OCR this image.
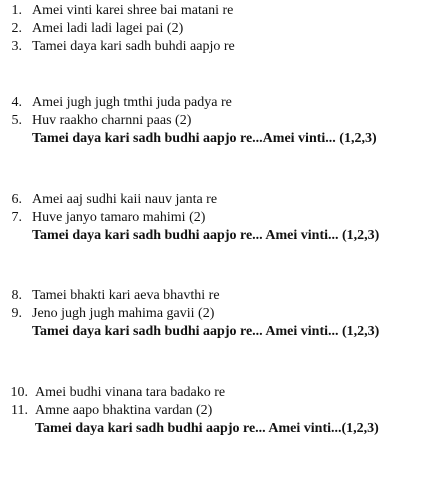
1. Amei vinti karei shree bai matani re
2. Amei ladi ladi lagei pai (2)
3. Tamei daya kari sadh buhdi aapjo re
4. Amei jugh jugh tmthi juda padya re
5. Huv raakho charnni paas (2)
Tamei daya kari sadh budhi aapjo re...Amei vinti... (1,2,3)
6. Amei aaj sudhi kaii nauv janta re
7. Huve janyo tamaro mahimi (2)
Tamei daya kari sadh budhi aapjo re... Amei vinti... (1,2,3)
8. Tamei bhakti kari aeva bhavthi re
9. Jeno jugh jugh mahima gavii (2)
Tamei daya kari sadh budhi aapjo re... Amei vinti... (1,2,3)
10. Amei budhi vinana tara badako re
11. Amne aapo bhaktina vardan (2)
Tamei daya kari sadh budhi aapjo re... Amei vinti...(1,2,3)
